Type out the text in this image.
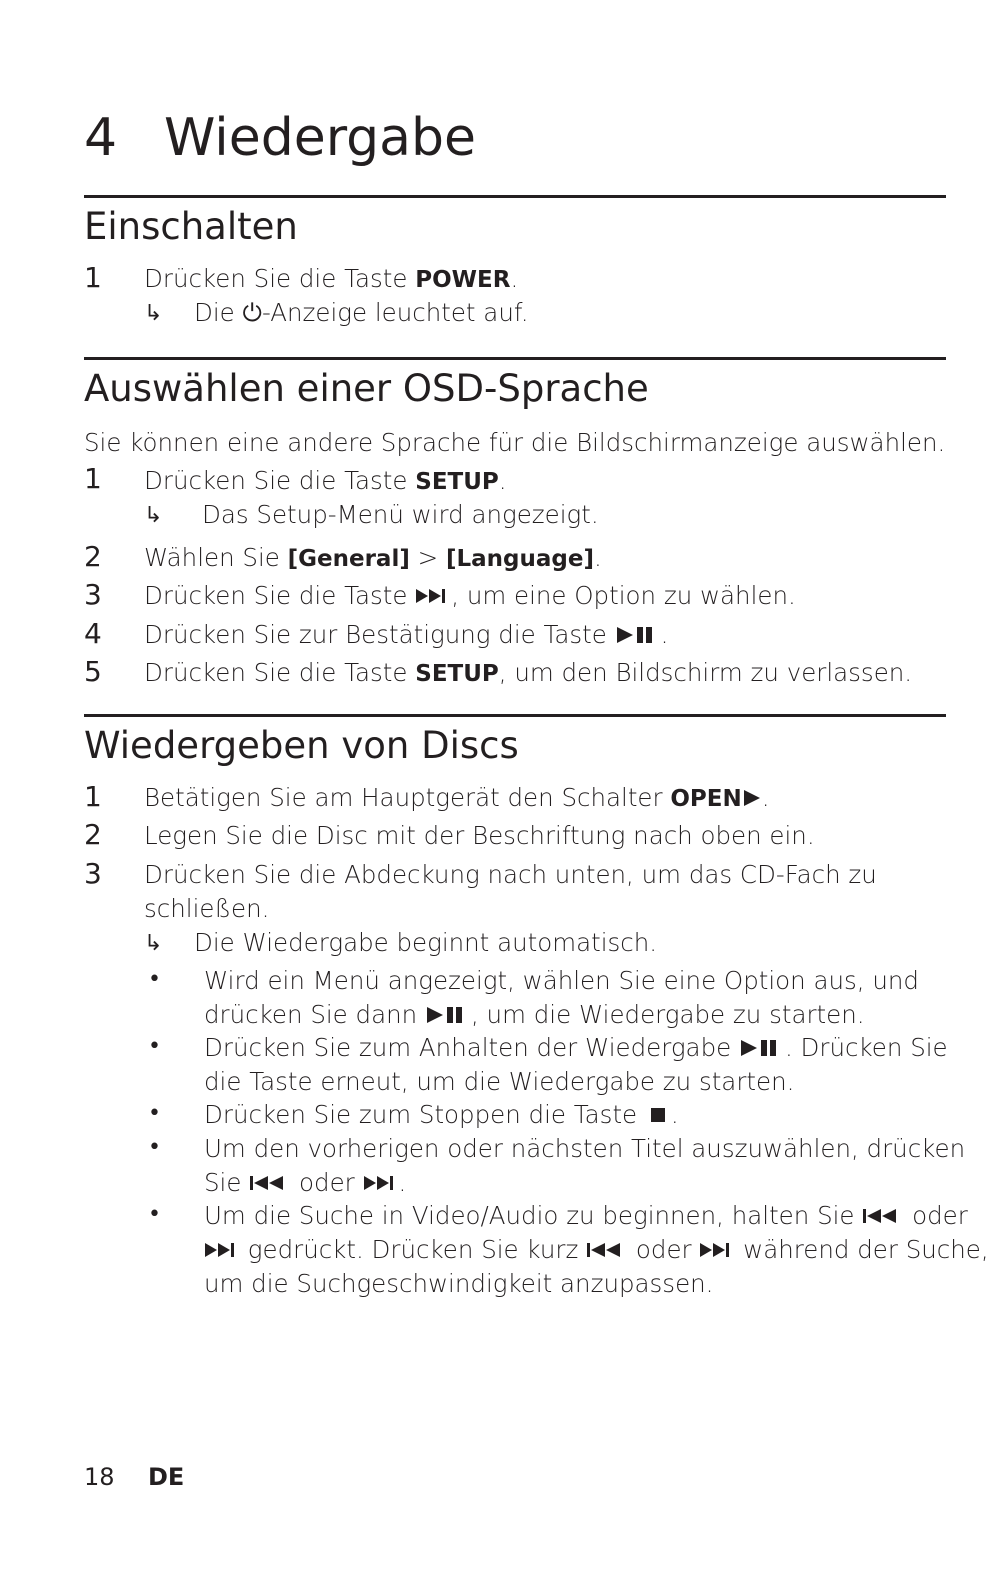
4 Wiedergabe
Einschalten
1 Drücken Sie die Taste POWER.
↳ Die ⏻-Anzeige leuchtet auf.
Auswählen einer OSD-Sprache
Sie können eine andere Sprache für die Bildschirmanzeige auswählen.
1 Drücken Sie die Taste SETUP.
↳ Das Setup-Menü wird angezeigt.
2 Wählen Sie [General] > [Language].
3 Drücken Sie die Taste
, um eine Option zu wählen.
4 Drücken Sie zur Bestätigung die Taste
.
5 Drücken Sie die Taste SETUP, um den Bildschirm zu verlassen.
Wiedergeben von Discs
1 Betätigen Sie am Hauptgerät den Schalter OPEN .
2 Legen Sie die Disc mit der Beschriftung nach oben ein.
3 Drücken Sie die Abdeckung nach unten, um das CD-Fach zu
schließen.
↳ Die Wiedergabe beginnt automatisch.
• Wird ein Menü angezeigt, wählen Sie eine Option aus, und
drücken Sie dann
, um die Wiedergabe zu starten.
• Drücken Sie zum Anhalten der Wiedergabe
. Drücken Sie
die Taste erneut, um die Wiedergabe zu starten.
• Drücken Sie zum Stoppen die Taste
.
• Um den vorherigen oder nächsten Titel auszuwählen, drücken
Sie
oder
.
• Um die Suche in Video/Audio zu beginnen, halten Sie
oder
gedrückt. Drücken Sie kurz
oder
während der Suche,
um die Suchgeschwindigkeit anzupassen.
18 DE
